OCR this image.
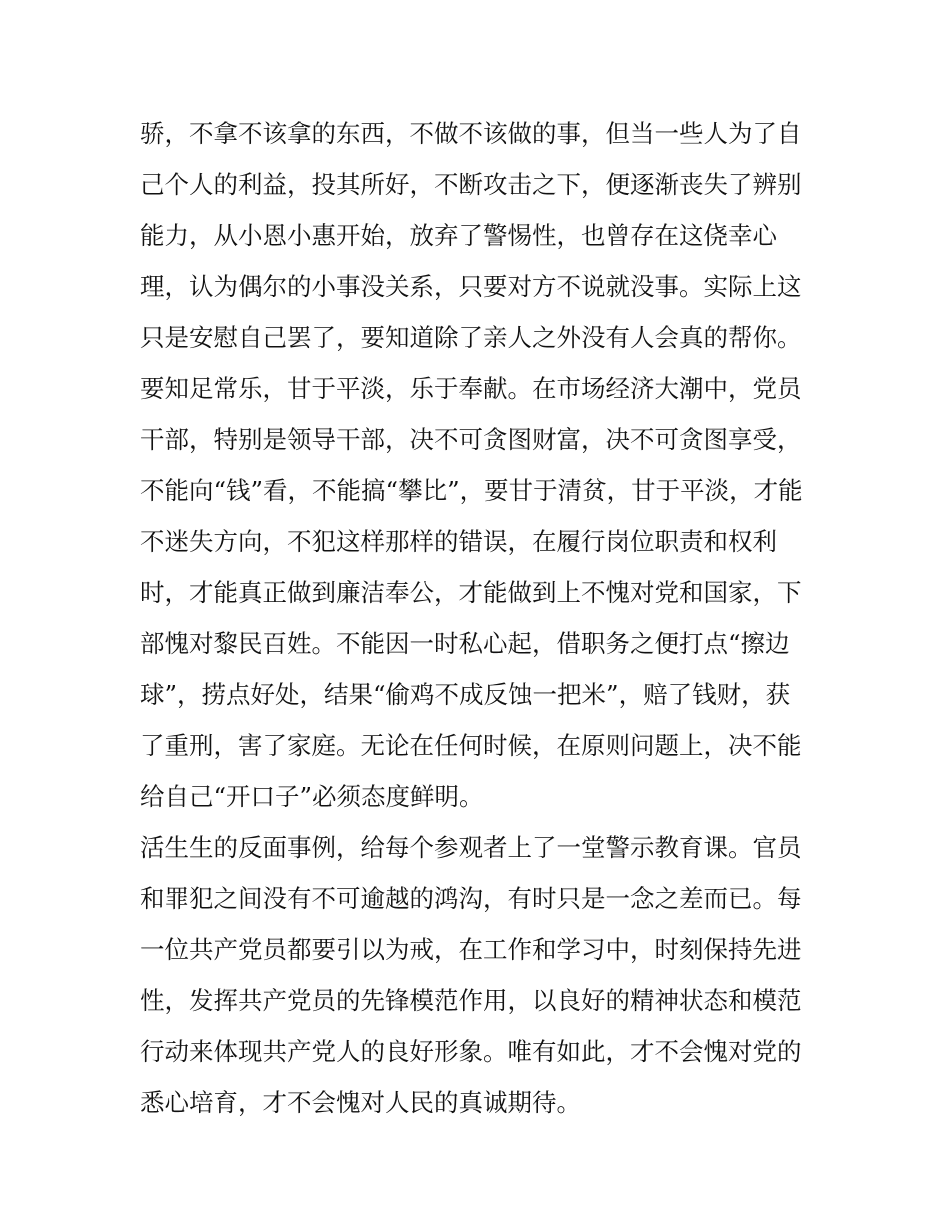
骄，不拿不该拿的东西，不做不该做的事，但当一些人为了自
己个人的利益，投其所好，不断攻击之下，便逐渐丧失了辨别
能力，从小恩小惠开始，放弃了警惕性，也曾存在这侥幸心
理，认为偶尔的小事没关系，只要对方不说就没事。实际上这
只是安慰自己罢了，要知道除了亲人之外没有人会真的帮你。
要知足常乐，甘于平淡，乐于奉献。在市场经济大潮中，党员
干部，特别是领导干部，决不可贪图财富，决不可贪图享受，
不能向“钱”看，不能搞“攀比”，要甘于清贫，甘于平淡，才能
不迷失方向，不犯这样那样的错误，在履行岗位职责和权利
时，才能真正做到廉洁奉公，才能做到上不愧对党和国家，下
部愧对黎民百姓。不能因一时私心起，借职务之便打点“擦边
球”，捞点好处，结果“偷鸡不成反蚀一把米”，赔了钱财，获
了重刑，害了家庭。无论在任何时候，在原则问题上，决不能
给自己“开口子”必须态度鲜明。
活生生的反面事例，给每个参观者上了一堂警示教育课。官员
和罪犯之间没有不可逾越的鸿沟，有时只是一念之差而已。每
一位共产党员都要引以为戒，在工作和学习中，时刻保持先进
性，发挥共产党员的先锋模范作用，以良好的精神状态和模范
行动来体现共产党人的良好形象。唯有如此，才不会愧对党的
悉心培育，才不会愧对人民的真诚期待。
